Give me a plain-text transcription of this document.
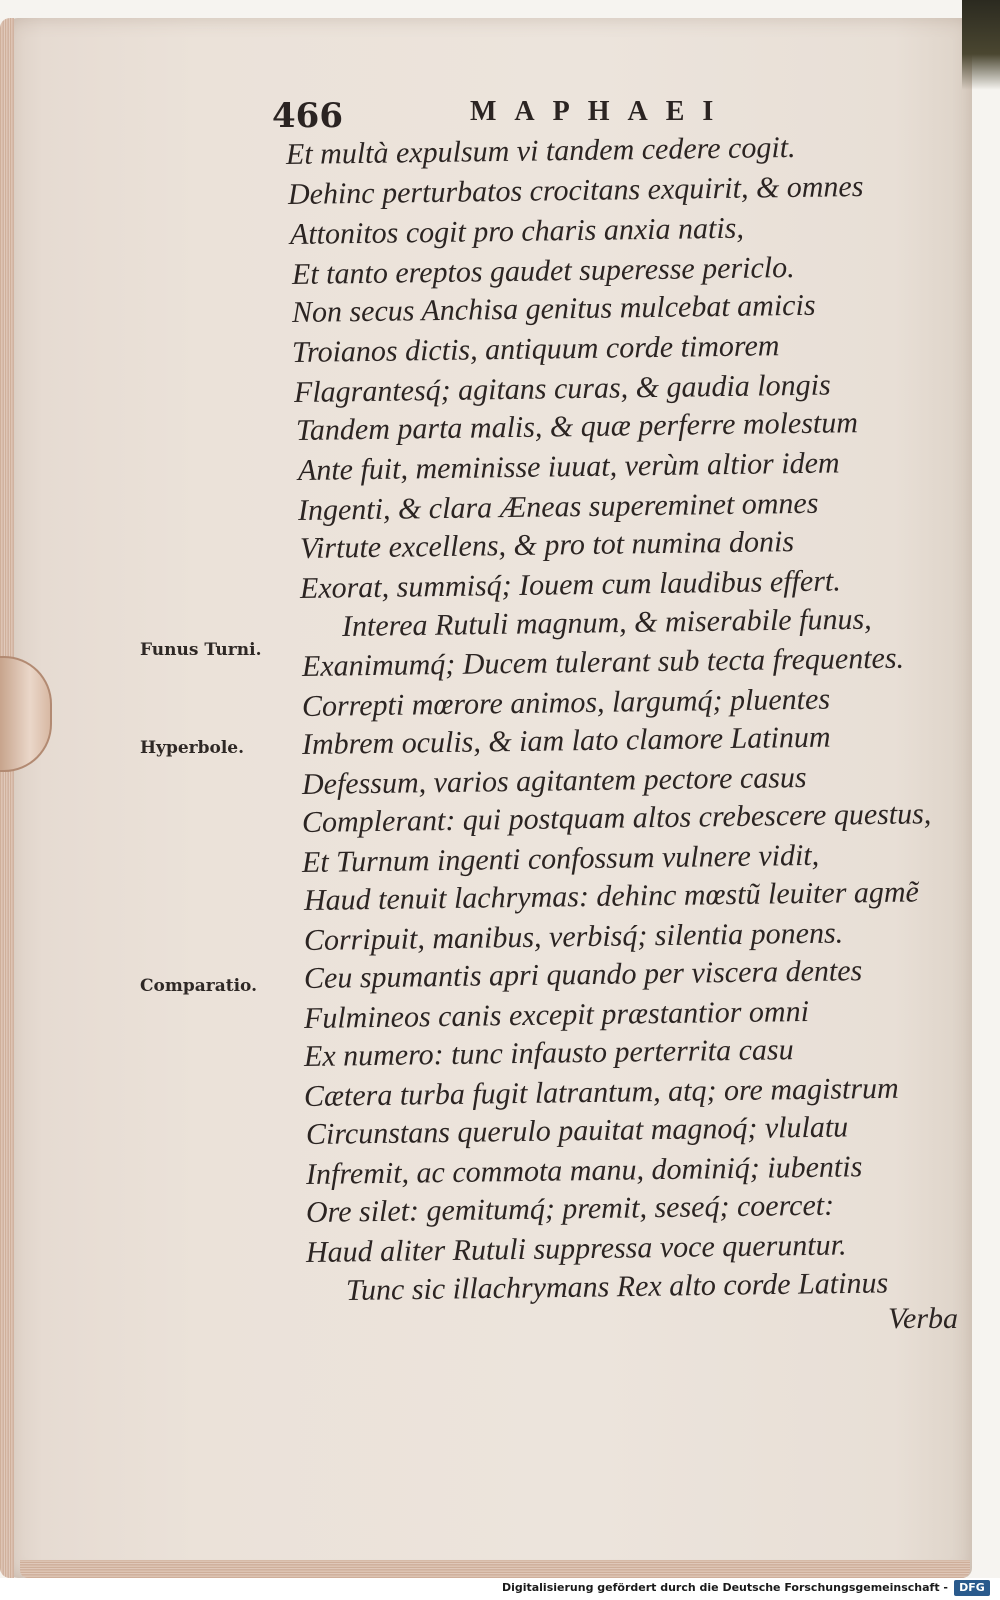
466	MAPHAEI
Et multà expulsum vi tandem cedere cogit.
Dehinc perturbatos crocitans exquirit, & omnes
Attonitos cogit pro charis anxia natis,
Et tanto ereptos gaudet superesse periclo.
Non secus Anchisa genitus mulcebat amicis
Troianos dictis, antiquum corde timorem
Flagrantesq́; agitans curas, & gaudia longis
Tandem parta malis, & quæ perferre molestum
Ante fuit, meminisse iuuat, verùm altior idem
Ingenti, & clara Æneas supereminet omnes
Virtute excellens, & pro tot numina donis
Exorat, summisq́; Iouem cum laudibus effert.
Interea Rutuli magnum, & miserabile funus,
Exanimumq́; Ducem tulerant sub tecta frequentes.
Correpti mœrore animos, largumq́; pluentes
Imbrem oculis, & iam lato clamore Latinum
Defessum, varios agitantem pectore casus
Complerant: qui postquam altos crebescere questus,
Et Turnum ingenti confossum vulnere vidit,
Haud tenuit lachrymas: dehinc mœstũ leuiter agmẽ
Corripuit, manibus, verbisq́; silentia ponens.
Ceu spumantis apri quando per viscera dentes
Fulmineos canis excepit præstantior omni
Ex numero: tunc infausto perterrita casu
Cætera turba fugit latrantum, atq; ore magistrum
Circunstans querulo pauitat magnoq́; vlulatu
Infremit, ac commota manu, dominiq́; iubentis
Ore silet: gemitumq́; premit, seseq́; coercet:
Haud aliter Rutuli suppressa voce queruntur.
Tunc sic illachrymans Rex alto corde Latinus
Verba
Funus Turni.
Hyperbole.
Comparatio.
Digitalisierung gefördert durch die Deutsche Forschungsgemeinschaft -	DFG
